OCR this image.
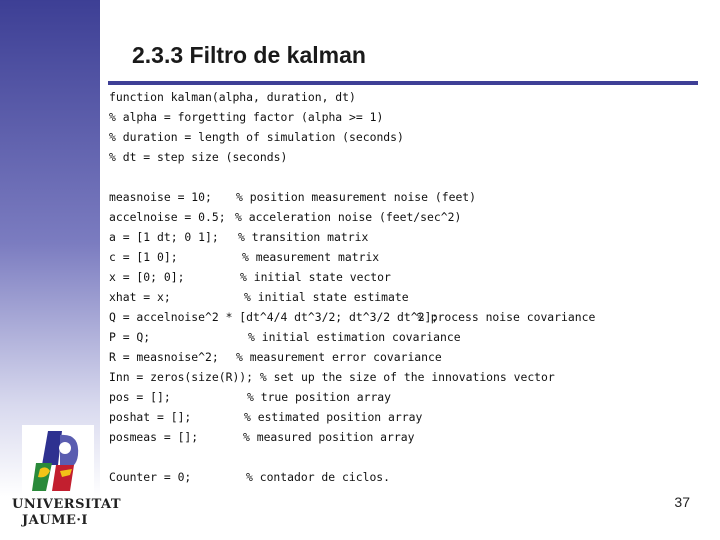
2.3.3 Filtro de kalman
function kalman(alpha, duration, dt)
% alpha = forgetting factor (alpha >= 1)
% duration = length of simulation (seconds)
% dt = step size (seconds)
measnoise = 10; % position measurement noise (feet)
accelnoise = 0.5; % acceleration noise (feet/sec^2)
a = [1 dt; 0 1]; % transition matrix
c = [1 0];	% measurement matrix
x = [0; 0];	% initial state vector
xhat = x;	% initial state estimate
Q = accelnoise^2 * [dt^4/4 dt^3/2; dt^3/2 dt^2];
% process noise covariance
P = Q;	% initial estimation covariance
R = measnoise^2; % measurement error covariance
Inn = zeros(size(R)); % set up the size of the innovations vector
pos = [];	% true position array
poshat = [];	% estimated position array
posmeas = [];	% measured position array
Counter = 0;	% contador de ciclos.
UNIVERSITAT
JAUME·I
37
